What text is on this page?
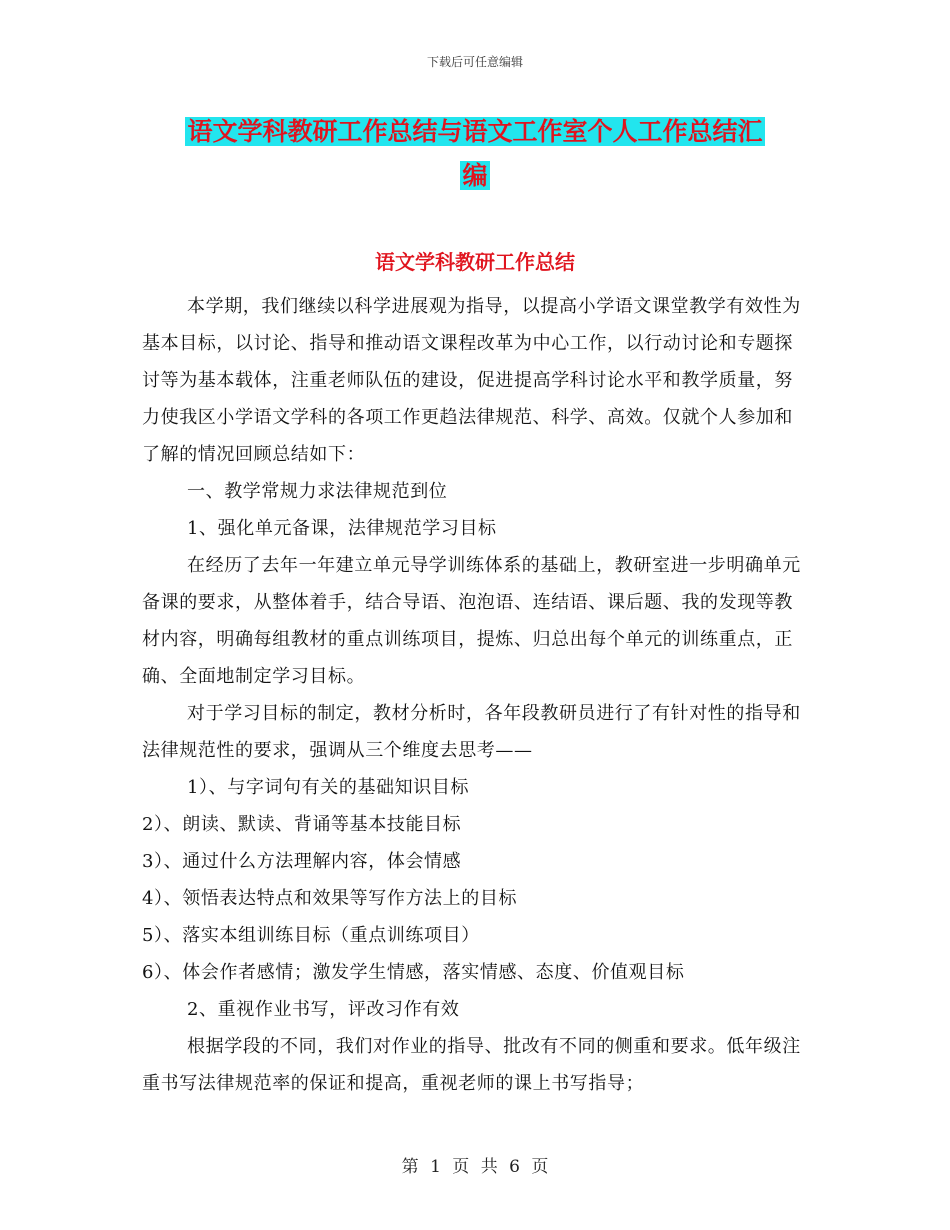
下载后可任意编辑
语文学科教研工作总结与语文工作室个人工作总结汇
编
语文学科教研工作总结

本学期，我们继续以科学进展观为指导，以提高小学语文课堂教学有效性为基本目标，以讨论、指导和推动语文课程改革为中心工作，以行动讨论和专题探讨等为基本载体，注重老师队伍的建设，促进提高学科讨论水平和教学质量，努力使我区小学语文学科的各项工作更趋法律规范、科学、高效。仅就个人参加和了解的情况回顾总结如下：

一、教学常规力求法律规范到位

1、强化单元备课，法律规范学习目标

在经历了去年一年建立单元导学训练体系的基础上，教研室进一步明确单元备课的要求，从整体着手，结合导语、泡泡语、连结语、课后题、我的发现等教材内容，明确每组教材的重点训练项目，提炼、归总出每个单元的训练重点，正确、全面地制定学习目标。

对于学习目标的制定，教材分析时，各年段教研员进行了有针对性的指导和法律规范性的要求，强调从三个维度去思考——

1）、与字词句有关的基础知识目标

2）、朗读、默读、背诵等基本技能目标

3）、通过什么方法理解内容，体会情感

4）、领悟表达特点和效果等写作方法上的目标

5）、落实本组训练目标（重点训练项目）

6）、体会作者感情；激发学生情感，落实情感、态度、价值观目标

2、重视作业书写，评改习作有效

根据学段的不同，我们对作业的指导、批改有不同的侧重和要求。低年级注重书写法律规范率的保证和提高，重视老师的课上书写指导；

第 1 页 共 6 页
